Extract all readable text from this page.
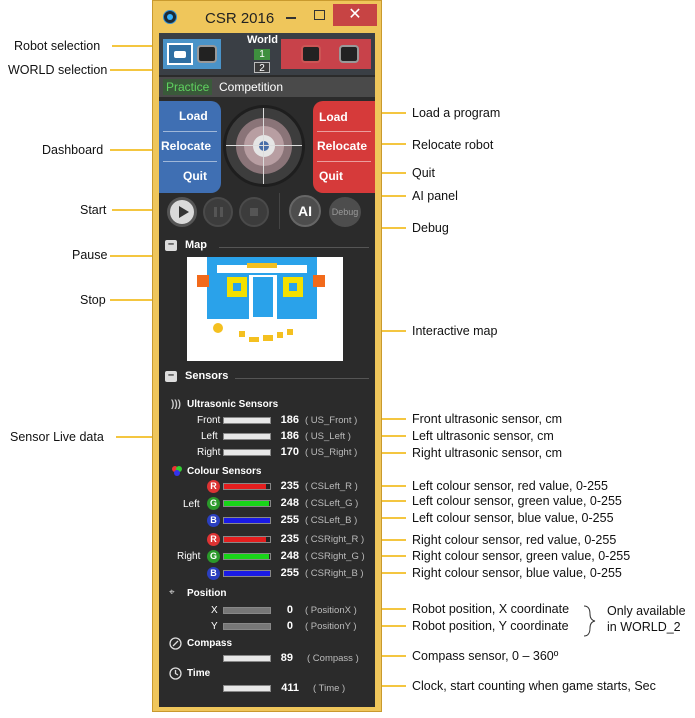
Robot selection
WORLD selection
Dashboard
Start
Pause
Stop
Sensor Live data
Load a program
Relocate robot
Quit
AI panel
Debug
Interactive map
Front ultrasonic sensor, cm
Left ultrasonic sensor, cm
Right ultrasonic sensor, cm
Left colour sensor, red value, 0-255
Left colour sensor, green value, 0-255
Left colour sensor, blue value, 0-255
Right colour sensor, red value, 0-255
Right colour sensor, green value, 0-255
Right colour sensor, blue value, 0-255
Robot position, X coordinate
Robot position, Y coordinate
Only available
in WORLD_2
Compass sensor, 0 – 360º
Clock, start counting when game starts, Sec
CSR 2016	✕
World
1
2
Practice Competition
Load
Relocate
Quit
Load
Relocate
Quit
AI	Debug
– Map
– Sensors
))) Ultrasonic Sensors
Front	186 ( US_Front )
Left	186 ( US_Left )
Right	170 ( US_Right )
Colour Sensors
Left
Right
R	235 ( CSLeft_R )
G	248 ( CSLeft_G )
B	255 ( CSLeft_B )
R	235 ( CSRight_R )
G	248 ( CSRight_G )
B	255 ( CSRight_B )
⌖ Position
X	0 ( PositionX )
Y	0 ( PositionY )
Compass
89 ( Compass )
Time
411 ( Time )
